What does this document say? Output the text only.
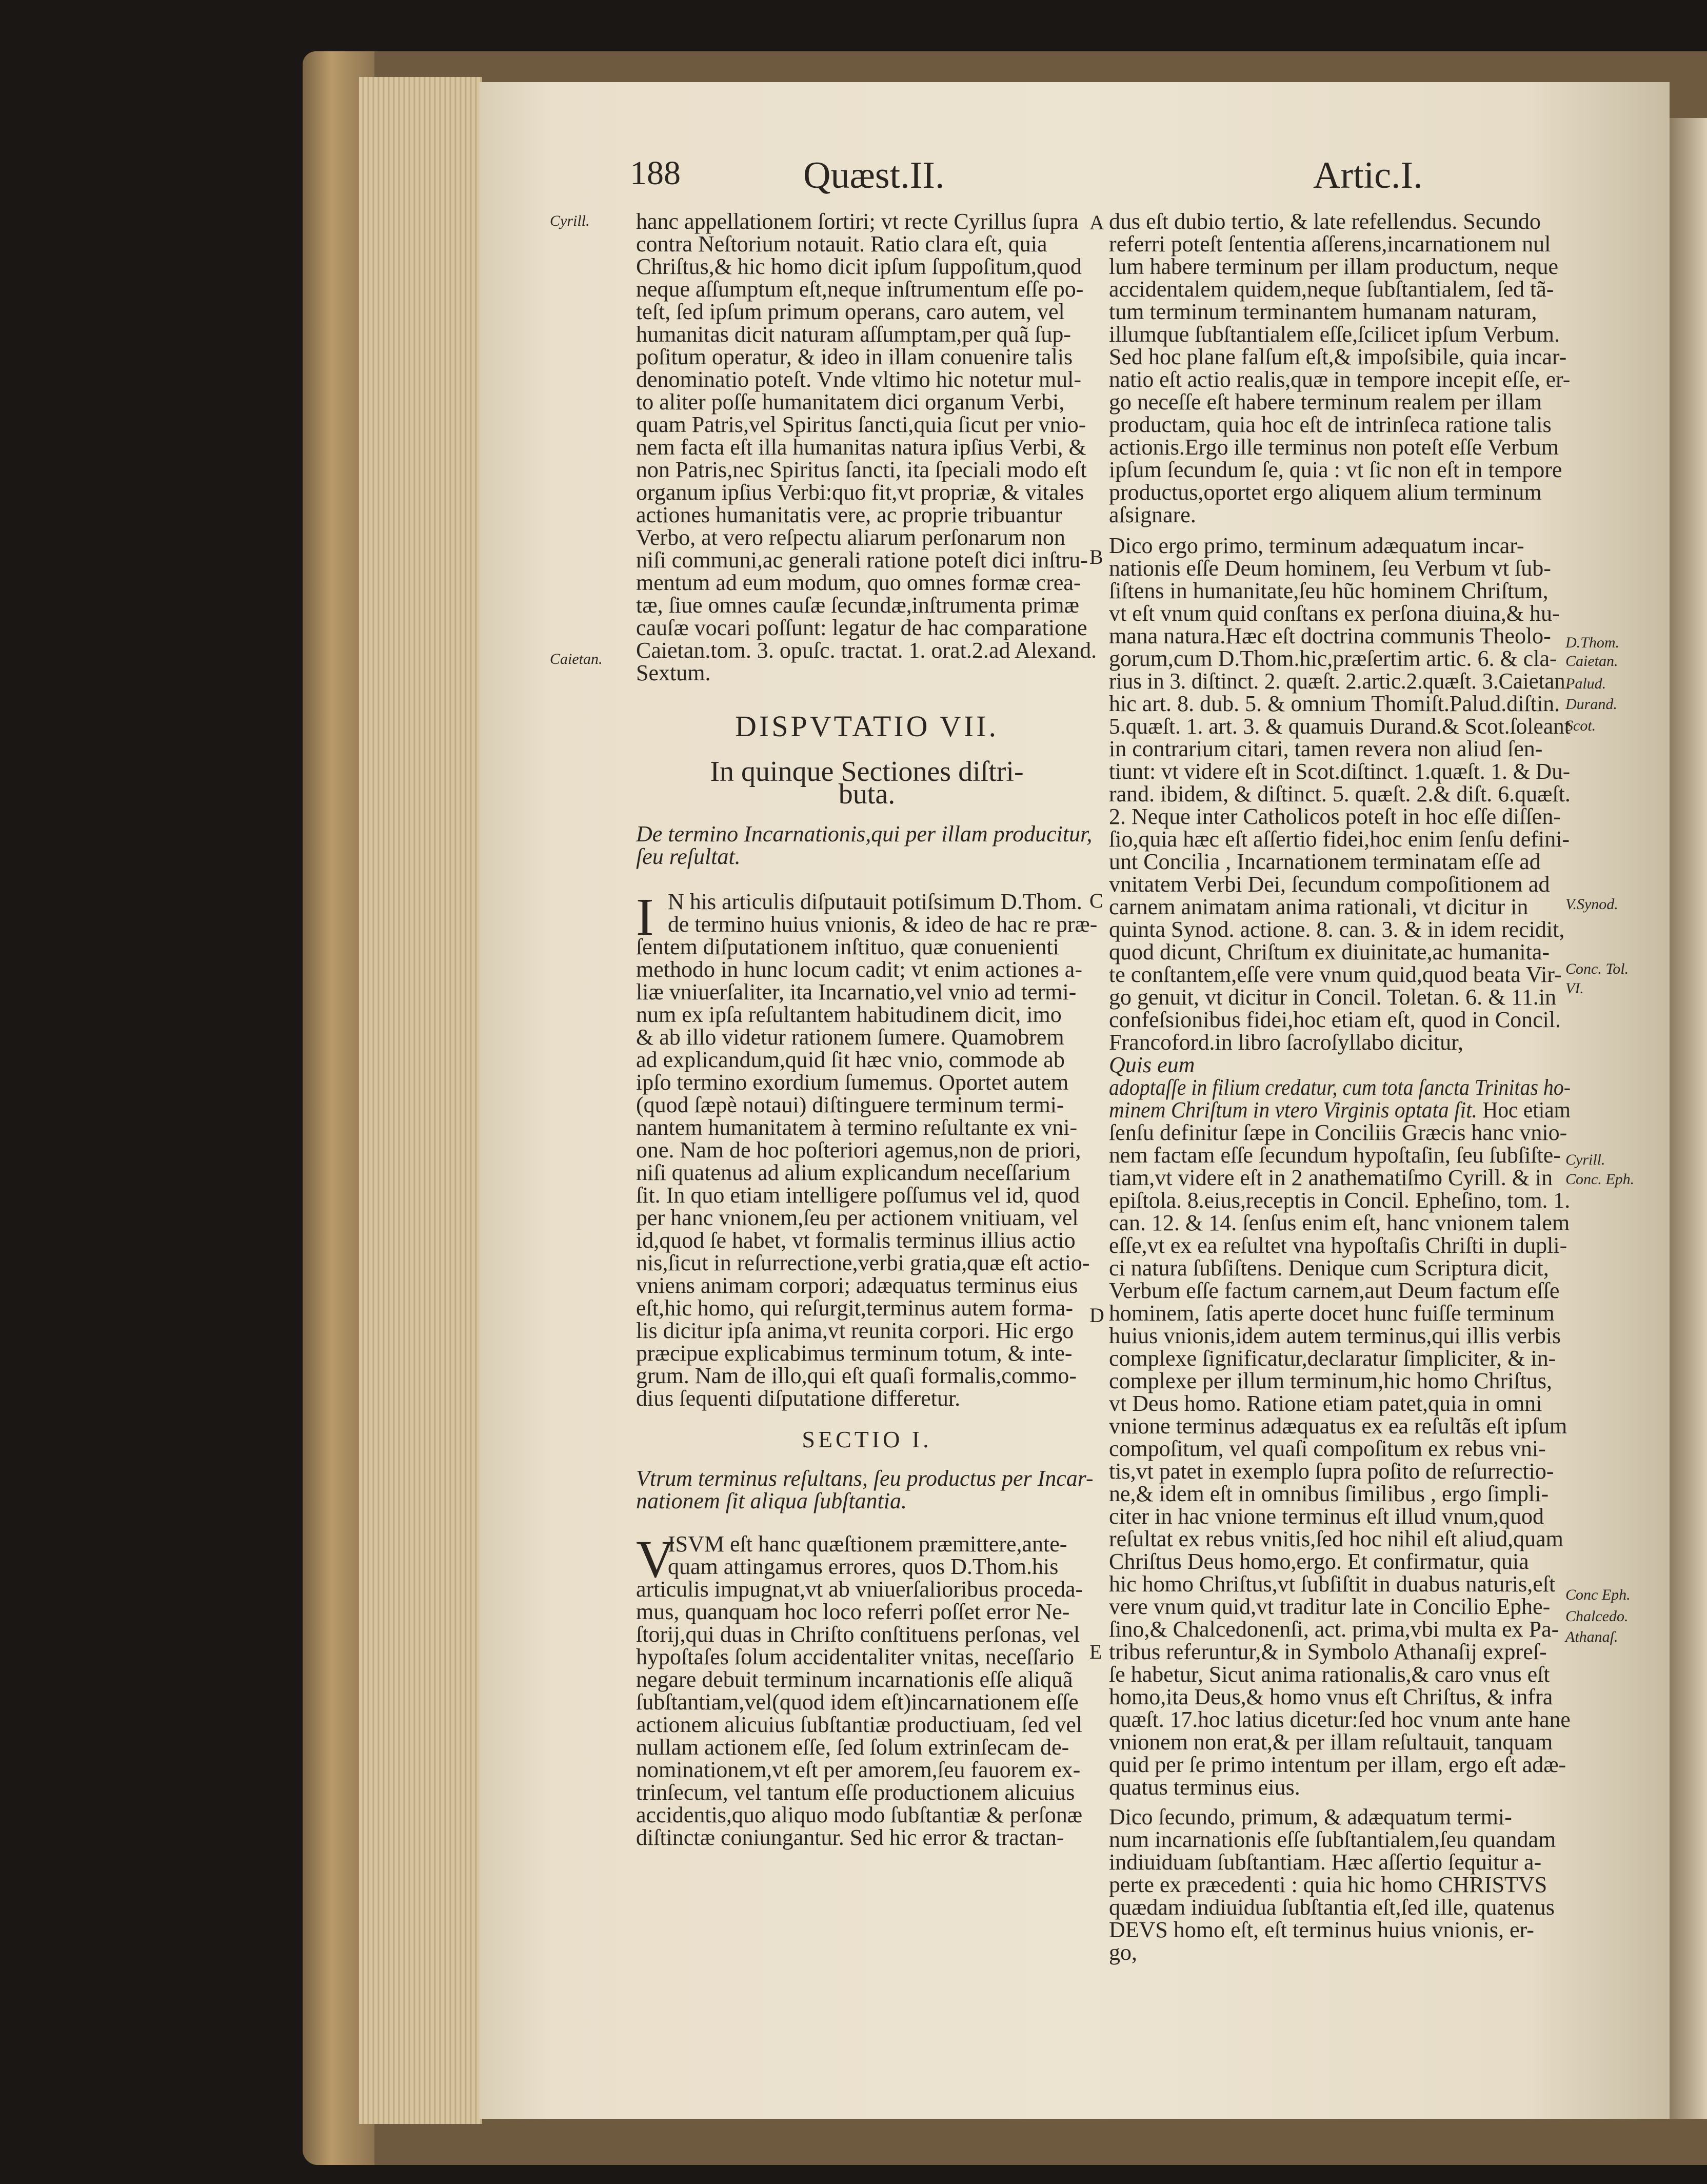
188	Quæst.II.	Artic.I.
hanc appellationem ſortiri; vt recte Cyrillus ſupra
contra Neſtorium notauit. Ratio clara eſt, quia
Chriſtus,& hic homo dicit ipſum ſuppoſitum,quod
neque aſſumptum eſt,neque inſtrumentum eſſe po-
teſt, ſed ipſum primum operans, caro autem, vel
humanitas dicit naturam aſſumptam,per quã ſup-
poſitum operatur, & ideo in illam conuenire talis
denominatio poteſt. Vnde vltimo hic notetur mul-
to aliter poſſe humanitatem dici organum Verbi,
quam Patris,vel Spiritus ſancti,quia ſicut per vnio-
nem facta eſt illa humanitas natura ipſius Verbi, &
non Patris,nec Spiritus ſancti, ita ſpeciali modo eſt
organum ipſius Verbi:quo fit,vt propriæ, & vitales
actiones humanitatis vere, ac proprie tribuantur
Verbo, at vero reſpectu aliarum perſonarum non
niſi communi,ac generali ratione poteſt dici inſtru-
mentum ad eum modum, quo omnes formæ crea-
tæ, ſiue omnes cauſæ ſecundæ,inſtrumenta primæ
cauſæ vocari poſſunt: legatur de hac comparatione
Caietan.tom. 3. opuſc. tractat. 1. orat.2.ad Alexand.
Sextum.
DISPVTATIO VII.
In quinque Sectiones diſtri-
buta.
De termino Incarnationis,qui per illam producitur,
ſeu reſultat.
I N his articulis diſputauit potiſsimum D.Thom.
de termino huius vnionis, & ideo de hac re præ-
ſentem diſputationem inſtituo, quæ conuenienti
methodo in hunc locum cadit; vt enim actiones a-
liæ vniuerſaliter, ita Incarnatio,vel vnio ad termi-
num ex ipſa reſultantem habitudinem dicit, imo
& ab illo videtur rationem ſumere. Quamobrem
ad explicandum,quid ſit hæc vnio, commode ab
ipſo termino exordium ſumemus. Oportet autem
(quod ſæpè notaui) diſtinguere terminum termi-
nantem humanitatem à termino reſultante ex vni-
one. Nam de hoc poſteriori agemus,non de priori,
niſi quatenus ad alium explicandum neceſſarium
ſit. In quo etiam intelligere poſſumus vel id, quod
per hanc vnionem,ſeu per actionem vnitiuam, vel
id,quod ſe habet, vt formalis terminus illius actio
nis,ſicut in reſurrectione,verbi gratia,quæ eſt actio-
vniens animam corpori; adæquatus terminus eius
eſt,hic homo, qui reſurgit,terminus autem forma-
lis dicitur ipſa anima,vt reunita corpori. Hic ergo
præcipue explicabimus terminum totum, & inte-
grum. Nam de illo,qui eſt quaſi formalis,commo-
dius ſequenti diſputatione differetur.
SECTIO I.
Vtrum terminus reſultans, ſeu productus per Incar-
nationem ſit aliqua ſubſtantia.
V
ISVM eſt hanc quæſtionem præmittere,ante-
quam attingamus errores, quos D.Thom.his
articulis impugnat,vt ab vniuerſalioribus proceda-
mus, quanquam hoc loco referri poſſet error Ne-
ſtorij,qui duas in Chriſto conſtituens perſonas, vel
hypoſtaſes ſolum accidentaliter vnitas, neceſſario
negare debuit terminum incarnationis eſſe aliquã
ſubſtantiam,vel(quod idem eſt)incarnationem eſſe
actionem alicuius ſubſtantiæ productiuam, ſed vel
nullam actionem eſſe, ſed ſolum extrinſecam de-
nominationem,vt eſt per amorem,ſeu fauorem ex-
trinſecum, vel tantum eſſe productionem alicuius
accidentis,quo aliquo modo ſubſtantiæ & perſonæ
diſtinctæ coniungantur. Sed hic error & tractan-
dus eſt dubio tertio, & late refellendus. Secundo
referri poteſt ſententia aſſerens,incarnationem nul
lum habere terminum per illam productum, neque
accidentalem quidem,neque ſubſtantialem, ſed tã-
tum terminum terminantem humanam naturam,
illumque ſubſtantialem eſſe,ſcilicet ipſum Verbum.
Sed hoc plane falſum eſt,& impoſsibile, quia incar-
natio eſt actio realis,quæ in tempore incepit eſſe, er-
go neceſſe eſt habere terminum realem per illam
productam, quia hoc eſt de intrinſeca ratione talis
actionis.Ergo ille terminus non poteſt eſſe Verbum
ipſum ſecundum ſe, quia : vt ſic non eſt in tempore
productus,oportet ergo aliquem alium terminum
aſsignare.
Dico ergo primo, terminum adæquatum incar-
nationis eſſe Deum hominem, ſeu Verbum vt ſub-
ſiſtens in humanitate,ſeu hũc hominem Chriſtum,
vt eſt vnum quid conſtans ex perſona diuina,& hu-
mana natura.Hæc eſt doctrina communis Theolo-
gorum,cum D.Thom.hic,præſertim artic. 6. & cla-
rius in 3. diſtinct. 2. quæſt. 2.artic.2.quæſt. 3.Caietan.
hic art. 8. dub. 5. & omnium Thomiſt.Palud.diſtin.
5.quæſt. 1. art. 3. & quamuis Durand.& Scot.ſoleant
in contrarium citari, tamen revera non aliud ſen-
tiunt: vt videre eſt in Scot.diſtinct. 1.quæſt. 1. & Du-
rand. ibidem, & diſtinct. 5. quæſt. 2.& diſt. 6.quæſt.
2. Neque inter Catholicos poteſt in hoc eſſe diſſen-
ſio,quia hæc eſt aſſertio fidei,hoc enim ſenſu defini-
unt Concilia , Incarnationem terminatam eſſe ad
vnitatem Verbi Dei, ſecundum compoſitionem ad
carnem animatam anima rationali, vt dicitur in
quinta Synod. actione. 8. can. 3. & in idem recidit,
quod dicunt, Chriſtum ex diuinitate,ac humanita-
te conſtantem,eſſe vere vnum quid,quod beata Vir-
go genuit, vt dicitur in Concil. Toletan. 6. & 11.in
confeſsionibus fidei,hoc etiam eſt, quod in Concil.
Francoford.in libro ſacroſyllabo dicitur,
Quis eum
adoptaſſe in filium credatur, cum tota ſancta Trinitas ho-
minem Chriſtum in vtero Virginis optata ſit. Hoc etiam
ſenſu definitur ſæpe in Conciliis Græcis hanc vnio-
nem factam eſſe ſecundum hypoſtaſin, ſeu ſubſiſte-
tiam,vt videre eſt in 2 anathematiſmo Cyrill. & in
epiſtola. 8.eius,receptis in Concil. Epheſino, tom. 1.
can. 12. & 14. ſenſus enim eſt, hanc vnionem talem
eſſe,vt ex ea reſultet vna hypoſtaſis Chriſti in dupli-
ci natura ſubſiſtens. Denique cum Scriptura dicit,
Verbum eſſe factum carnem,aut Deum factum eſſe
hominem, ſatis aperte docet hunc fuiſſe terminum
huius vnionis,idem autem terminus,qui illis verbis
complexe ſignificatur,declaratur ſimpliciter, & in-
complexe per illum terminum,hic homo Chriſtus,
vt Deus homo. Ratione etiam patet,quia in omni
vnione terminus adæquatus ex ea reſultãs eſt ipſum
compoſitum, vel quaſi compoſitum ex rebus vni-
tis,vt patet in exemplo ſupra poſito de reſurrectio-
ne,& idem eſt in omnibus ſimilibus , ergo ſimpli-
citer in hac vnione terminus eſt illud vnum,quod
reſultat ex rebus vnitis,ſed hoc nihil eſt aliud,quam
Chriſtus Deus homo,ergo. Et confirmatur, quia
hic homo Chriſtus,vt ſubſiſtit in duabus naturis,eſt
vere vnum quid,vt traditur late in Concilio Ephe-
ſino,& Chalcedonenſi, act. prima,vbi multa ex Pa-
tribus referuntur,& in Symbolo Athanaſij expreſ-
ſe habetur, Sicut anima rationalis,& caro vnus eſt
homo,ita Deus,& homo vnus eſt Chriſtus, & infra
quæſt. 17.hoc latius dicetur:ſed hoc vnum ante hane
vnionem non erat,& per illam reſultauit, tanquam
quid per ſe primo intentum per illam, ergo eſt adæ-
quatus terminus eius.
Dico ſecundo, primum, & adæquatum termi-
num incarnationis eſſe ſubſtantialem,ſeu quandam
indiuiduam ſubſtantiam. Hæc aſſertio ſequitur a-
perte ex præcedenti : quia hic homo CHRISTVS
quædam indiuidua ſubſtantia eſt,ſed ille, quatenus
DEVS homo eſt, eſt terminus huius vnionis, er-
go,
Cyrill.
Caietan.
D.Thom.
Caietan.
Palud.
Durand.
Scot.
V.Synod.
Conc. Tol.
VI.
Cyrill.
Conc. Eph.
Conc Eph.
Chalcedo.
Athanaſ.
A
B
C
D
E
